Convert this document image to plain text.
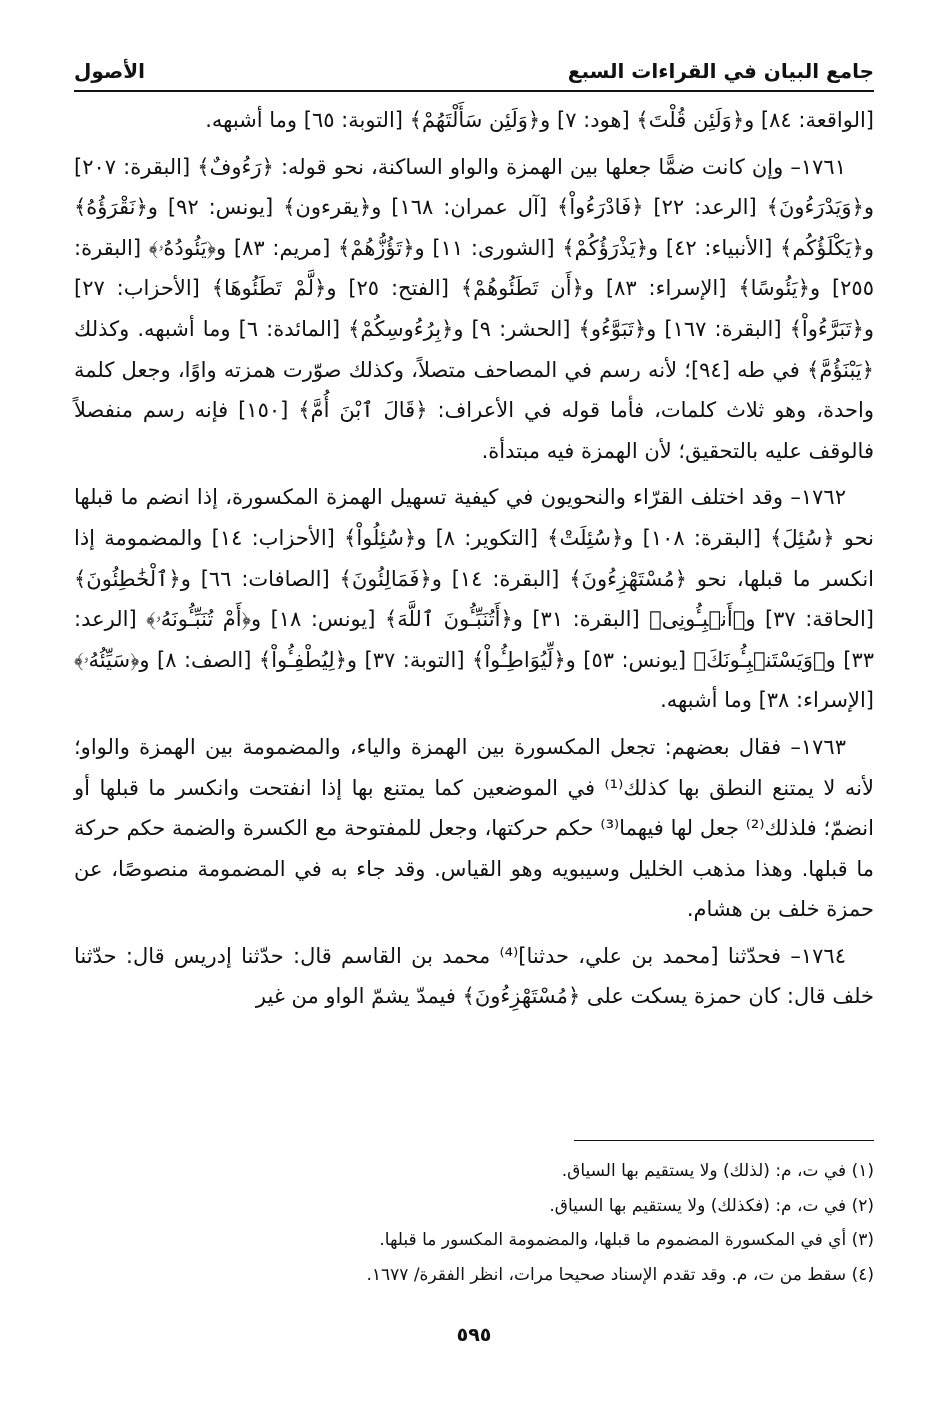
جامع البيان في القراءات السبع
الأصول

[الواقعة: ٨٤] و﴿وَلَئِن قُلْتَ﴾ [هود: ٧] و﴿وَلَئِن سَأَلْتَهُمْ﴾ [التوبة: ٦٥] وما أشبهه.

١٧٦١– وإن كانت ضمًّا جعلها بين الهمزة والواو الساكنة، نحو قوله: ﴿رَءُوفٌ﴾ [البقرة: ٢٠٧] و﴿وَيَدْرَءُونَ﴾ [الرعد: ٢٢] ﴿فَادْرَءُواْ﴾ [آل عمران: ١٦٨] و﴿يقرءون﴾ [يونس: ٩٢] و﴿نَقْرَؤُهُ﴾ و﴿يَكْلَؤُكُم﴾ [الأنبياء: ٤٢] و﴿يَذْرَؤُكُمْ﴾ [الشورى: ١١] و﴿تَؤُزُّهُمْ﴾ [مريم: ٨٣] و﴿يَئُودُهُۥ﴾ [البقرة: ٢٥٥] و﴿يَئُوسًا﴾ [الإسراء: ٨٣] و﴿أَن تَطَئُوهُمْ﴾ [الفتح: ٢٥] و﴿لَّمْ تَطَئُوهَا﴾ [الأحزاب: ٢٧] و﴿تَبَرَّءُواْ﴾ [البقرة: ١٦٧] و﴿تَبَوَّءُو﴾ [الحشر: ٩] و﴿بِرُءُوسِكُمْ﴾ [المائدة: ٦] وما أشبهه. وكذلك ﴿يَبْنَؤُمَّ﴾ في طه [٩٤]؛ لأنه رسم في المصاحف متصلاً، وكذلك صوّرت همزته واوًا، وجعل كلمة واحدة، وهو ثلاث كلمات، فأما قوله في الأعراف: ﴿قَالَ ٱبْنَ أُمَّ﴾ [١٥٠] فإنه رسم منفصلاً فالوقف عليه بالتحقيق؛ لأن الهمزة فيه مبتدأة.

١٧٦٢– وقد اختلف القرّاء والنحويون في كيفية تسهيل الهمزة المكسورة، إذا انضم ما قبلها نحو ﴿سُئِلَ﴾ [البقرة: ١٠٨] و﴿سُئِلَتْ﴾ [التكوير: ٨] و﴿سُئِلُواْ﴾ [الأحزاب: ١٤] والمضمومة إذا انكسر ما قبلها، نحو ﴿مُسْتَهْزِءُونَ﴾ [البقرة: ١٤] و﴿فَمَالِئُونَ﴾ [الصافات: ٦٦] و﴿ٱلْخَٰطِئُونَ﴾ [الحاقة: ٣٧] و﴿أَنۢبِـُٔونِى﴾ [البقرة: ٣١] و﴿أَتُنَبِّـُٔونَ ٱللَّهَ﴾ [يونس: ١٨] و﴿أَمْ تُنَبِّـُٔونَهُۥ﴾ [الرعد: ٣٣] و﴿وَيَسْتَنۢبِـُٔونَكَ﴾ [يونس: ٥٣] و﴿لِّيُوَاطِـُٔواْ﴾ [التوبة: ٣٧] و﴿لِيُطْفِـُٔواْ﴾ [الصف: ٨] و﴿سَيِّئُهُۥ﴾ [الإسراء: ٣٨] وما أشبهه.

١٧٦٣– فقال بعضهم: تجعل المكسورة بين الهمزة والياء، والمضمومة بين الهمزة والواو؛ لأنه لا يمتنع النطق بها كذلك⁽¹⁾ في الموضعين كما يمتنع بها إذا انفتحت وانكسر ما قبلها أو انضمّ؛ فلذلك⁽²⁾ جعل لها فيهما⁽³⁾ حكم حركتها، وجعل للمفتوحة مع الكسرة والضمة حكم حركة ما قبلها. وهذا مذهب الخليل وسيبويه وهو القياس. وقد جاء به في المضمومة منصوصًا، عن حمزة خلف بن هشام.

١٧٦٤– فحدّثنا [محمد بن علي، حدثنا]⁽⁴⁾ محمد بن القاسم قال: حدّثنا إدريس قال: حدّثنا خلف قال: كان حمزة يسكت على ﴿مُسْتَهْزِءُونَ﴾ فيمدّ يشمّ الواو من غير

(١) في ت، م: (لذلك) ولا يستقيم بها السياق.
(٢) في ت، م: (فكذلك) ولا يستقيم بها السياق.
(٣) أي في المكسورة المضموم ما قبلها، والمضمومة المكسور ما قبلها.
(٤) سقط من ت، م. وقد تقدم الإسناد صحيحا مرات، انظر الفقرة/ ١٦٧٧.
٥٩٥
